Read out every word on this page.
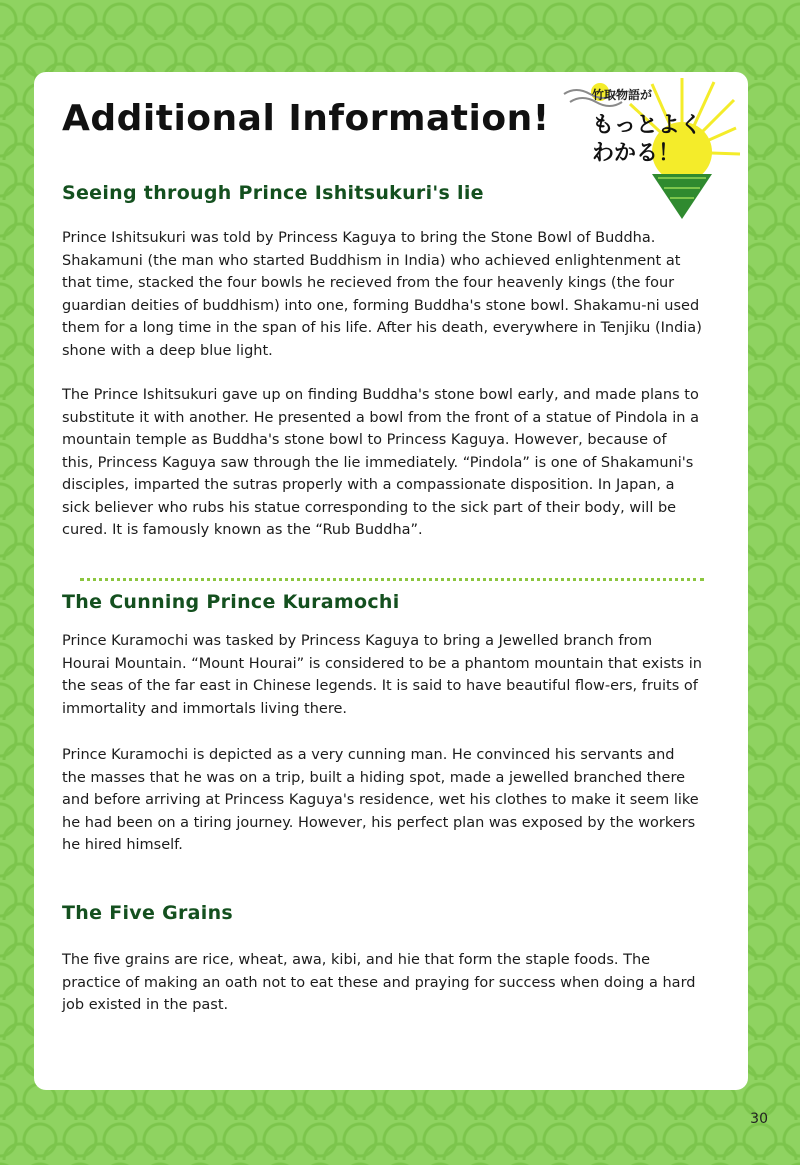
Additional Information!
竹取物語が
もっとよく わかる！
Seeing through Prince Ishitsukuri's lie

Prince Ishitsukuri was told by Princess Kaguya to bring the Stone Bowl of Buddha. Shakamuni (the man who started Buddhism in India) who achieved enlightenment at that time, stacked the four bowls he recieved from the four heavenly kings (the four guardian deities of buddhism) into one, forming Buddha's stone bowl. Shakamu-ni used them for a long time in the span of his life. After his death, everywhere in Tenjiku (India) shone with a deep blue light.

The Prince Ishitsukuri gave up on finding Buddha's stone bowl early, and made plans to substitute it with another. He presented a bowl from the front of a statue of Pindola in a mountain temple as Buddha's stone bowl to Princess Kaguya. However, because of this, Princess Kaguya saw through the lie immediately. “Pindola” is one of Shakamuni's disciples, imparted the sutras properly with a compassionate disposition. In Japan, a sick believer who rubs his statue corresponding to the sick part of their body, will be cured. It is famously known as the “Rub Buddha”.

The Cunning Prince Kuramochi

Prince Kuramochi was tasked by Princess Kaguya to bring a Jewelled branch from Hourai Mountain. “Mount Hourai” is considered to be a phantom mountain that exists in the seas of the far east in Chinese legends. It is said to have beautiful flow-ers, fruits of immortality and immortals living there.

Prince Kuramochi is depicted as a very cunning man. He convinced his servants and the masses that he was on a trip, built a hiding spot, made a jewelled branched there and before arriving at Princess Kaguya's residence, wet his clothes to make it seem like he had been on a tiring journey. However, his perfect plan was exposed by the workers he hired himself.

The Five Grains

The five grains are rice, wheat, awa, kibi, and hie that form the staple foods. The practice of making an oath not to eat these and praying for success when doing a hard job existed in the past.

30
